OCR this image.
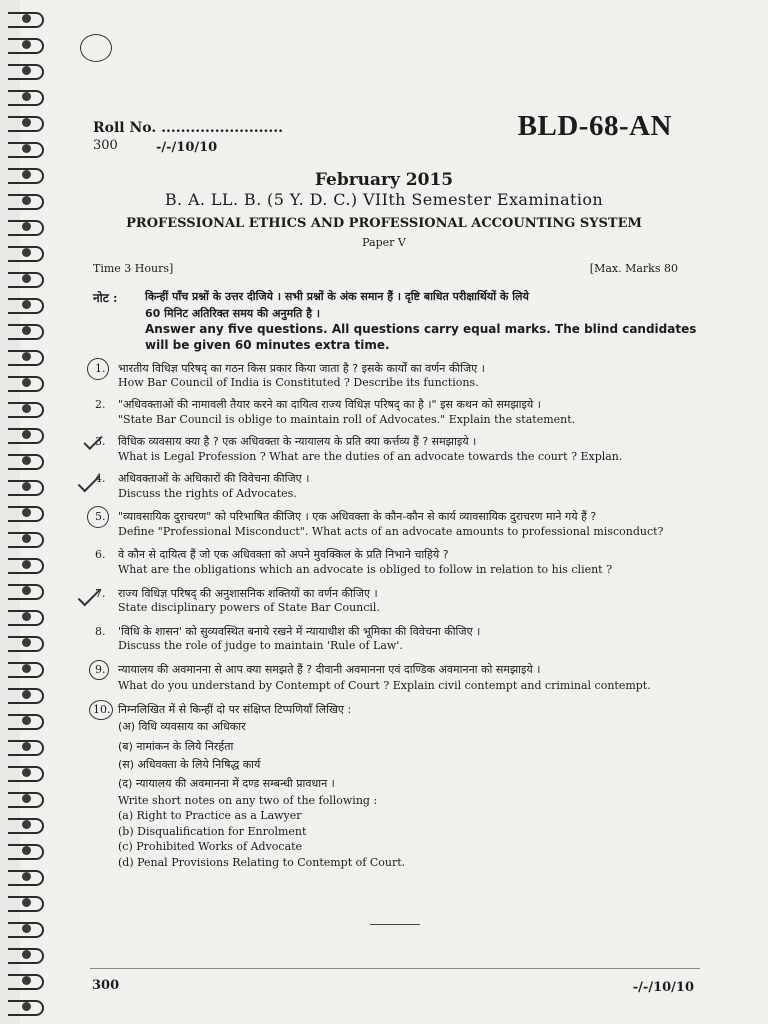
Roll No. .........................
300	-/-/10/10
BLD-68-AN
February 2015
B. A. LL. B. (5 Y. D. C.) VIIth Semester Examination
PROFESSIONAL ETHICS AND PROFESSIONAL ACCOUNTING SYSTEM
Paper V
Time 3 Hours]	[Max. Marks 80
नोट :	किन्हीं पाँच प्रश्नों के उत्तर दीजिये । सभी प्रश्नों के अंक समान हैं । दृष्टि बाधित परीक्षार्थियों के लिये
60 मिनिट अतिरिक्त समय की अनुमति है ।
Answer any five questions. All questions carry equal marks. The blind candidates
will be given 60 minutes extra time.
1. भारतीय विधिज्ञ परिषद् का गठन किस प्रकार किया जाता है ? इसके कार्यों का वर्णन कीजिए ।
How Bar Council of India is Constituted ? Describe its functions.
2. "अधिवक्ताओं की नामावली तैयार करने का दायित्व राज्य विधिज्ञ परिषद् का है ।" इस कथन को समझाइये ।
"State Bar Council is oblige to maintain roll of Advocates." Explain the statement.
3. विधिक व्यवसाय क्या है ? एक अधिवक्ता के न्यायालय के प्रति क्या कर्त्तव्य हैं ? समझाइये ।
What is Legal Profession ? What are the duties of an advocate towards the court ? Explan.
4. अधिवक्ताओं के अधिकारों की विवेचना कीजिए ।
Discuss the rights of Advocates.
5. "व्यावसायिक दुराचरण" को परिभाषित कीजिए । एक अधिवक्ता के कौन-कौन से कार्य व्यावसायिक दुराचरण माने गये हैं ?
Define "Professional Misconduct". What acts of an advocate amounts to professional misconduct?
6. वे कौन से दायित्व हैं जो एक अधिवक्ता को अपने मुवक्किल के प्रति निभाने चाहिये ?
What are the obligations which an advocate is obliged to follow in relation to his client ?
7. राज्य विधिज्ञ परिषद् की अनुशासनिक शक्तियों का वर्णन कीजिए ।
State disciplinary powers of State Bar Council.
8. 'विधि के शासन' को सुव्यवस्थित बनाये रखने में न्यायाधीश की भूमिका की विवेचना कीजिए ।
Discuss the role of judge to maintain 'Rule of Law'.
9. न्यायालय की अवमानना से आप क्या समझते हैं ? दीवानी अवमानना एवं दाण्डिक अवमानना को समझाइये ।
What do you understand by Contempt of Court ? Explain civil contempt and criminal contempt.
10. निम्नलिखित में से किन्हीं दो पर संक्षिप्त टिप्पणियाँ लिखिए :
(अ) विधि व्यवसाय का अधिकार
(ब) नामांकन के लिये निरर्हता
(स) अधिवक्ता के लिये निषिद्ध कार्य
(द) न्यायालय की अवमानना में दण्ड सम्बन्धी प्रावधान ।
Write short notes on any two of the following :
(a) Right to Practice as a Lawyer
(b) Disqualification for Enrolment
(c) Prohibited Works of Advocate
(d) Penal Provisions Relating to Contempt of Court.
300	-/-/10/10
